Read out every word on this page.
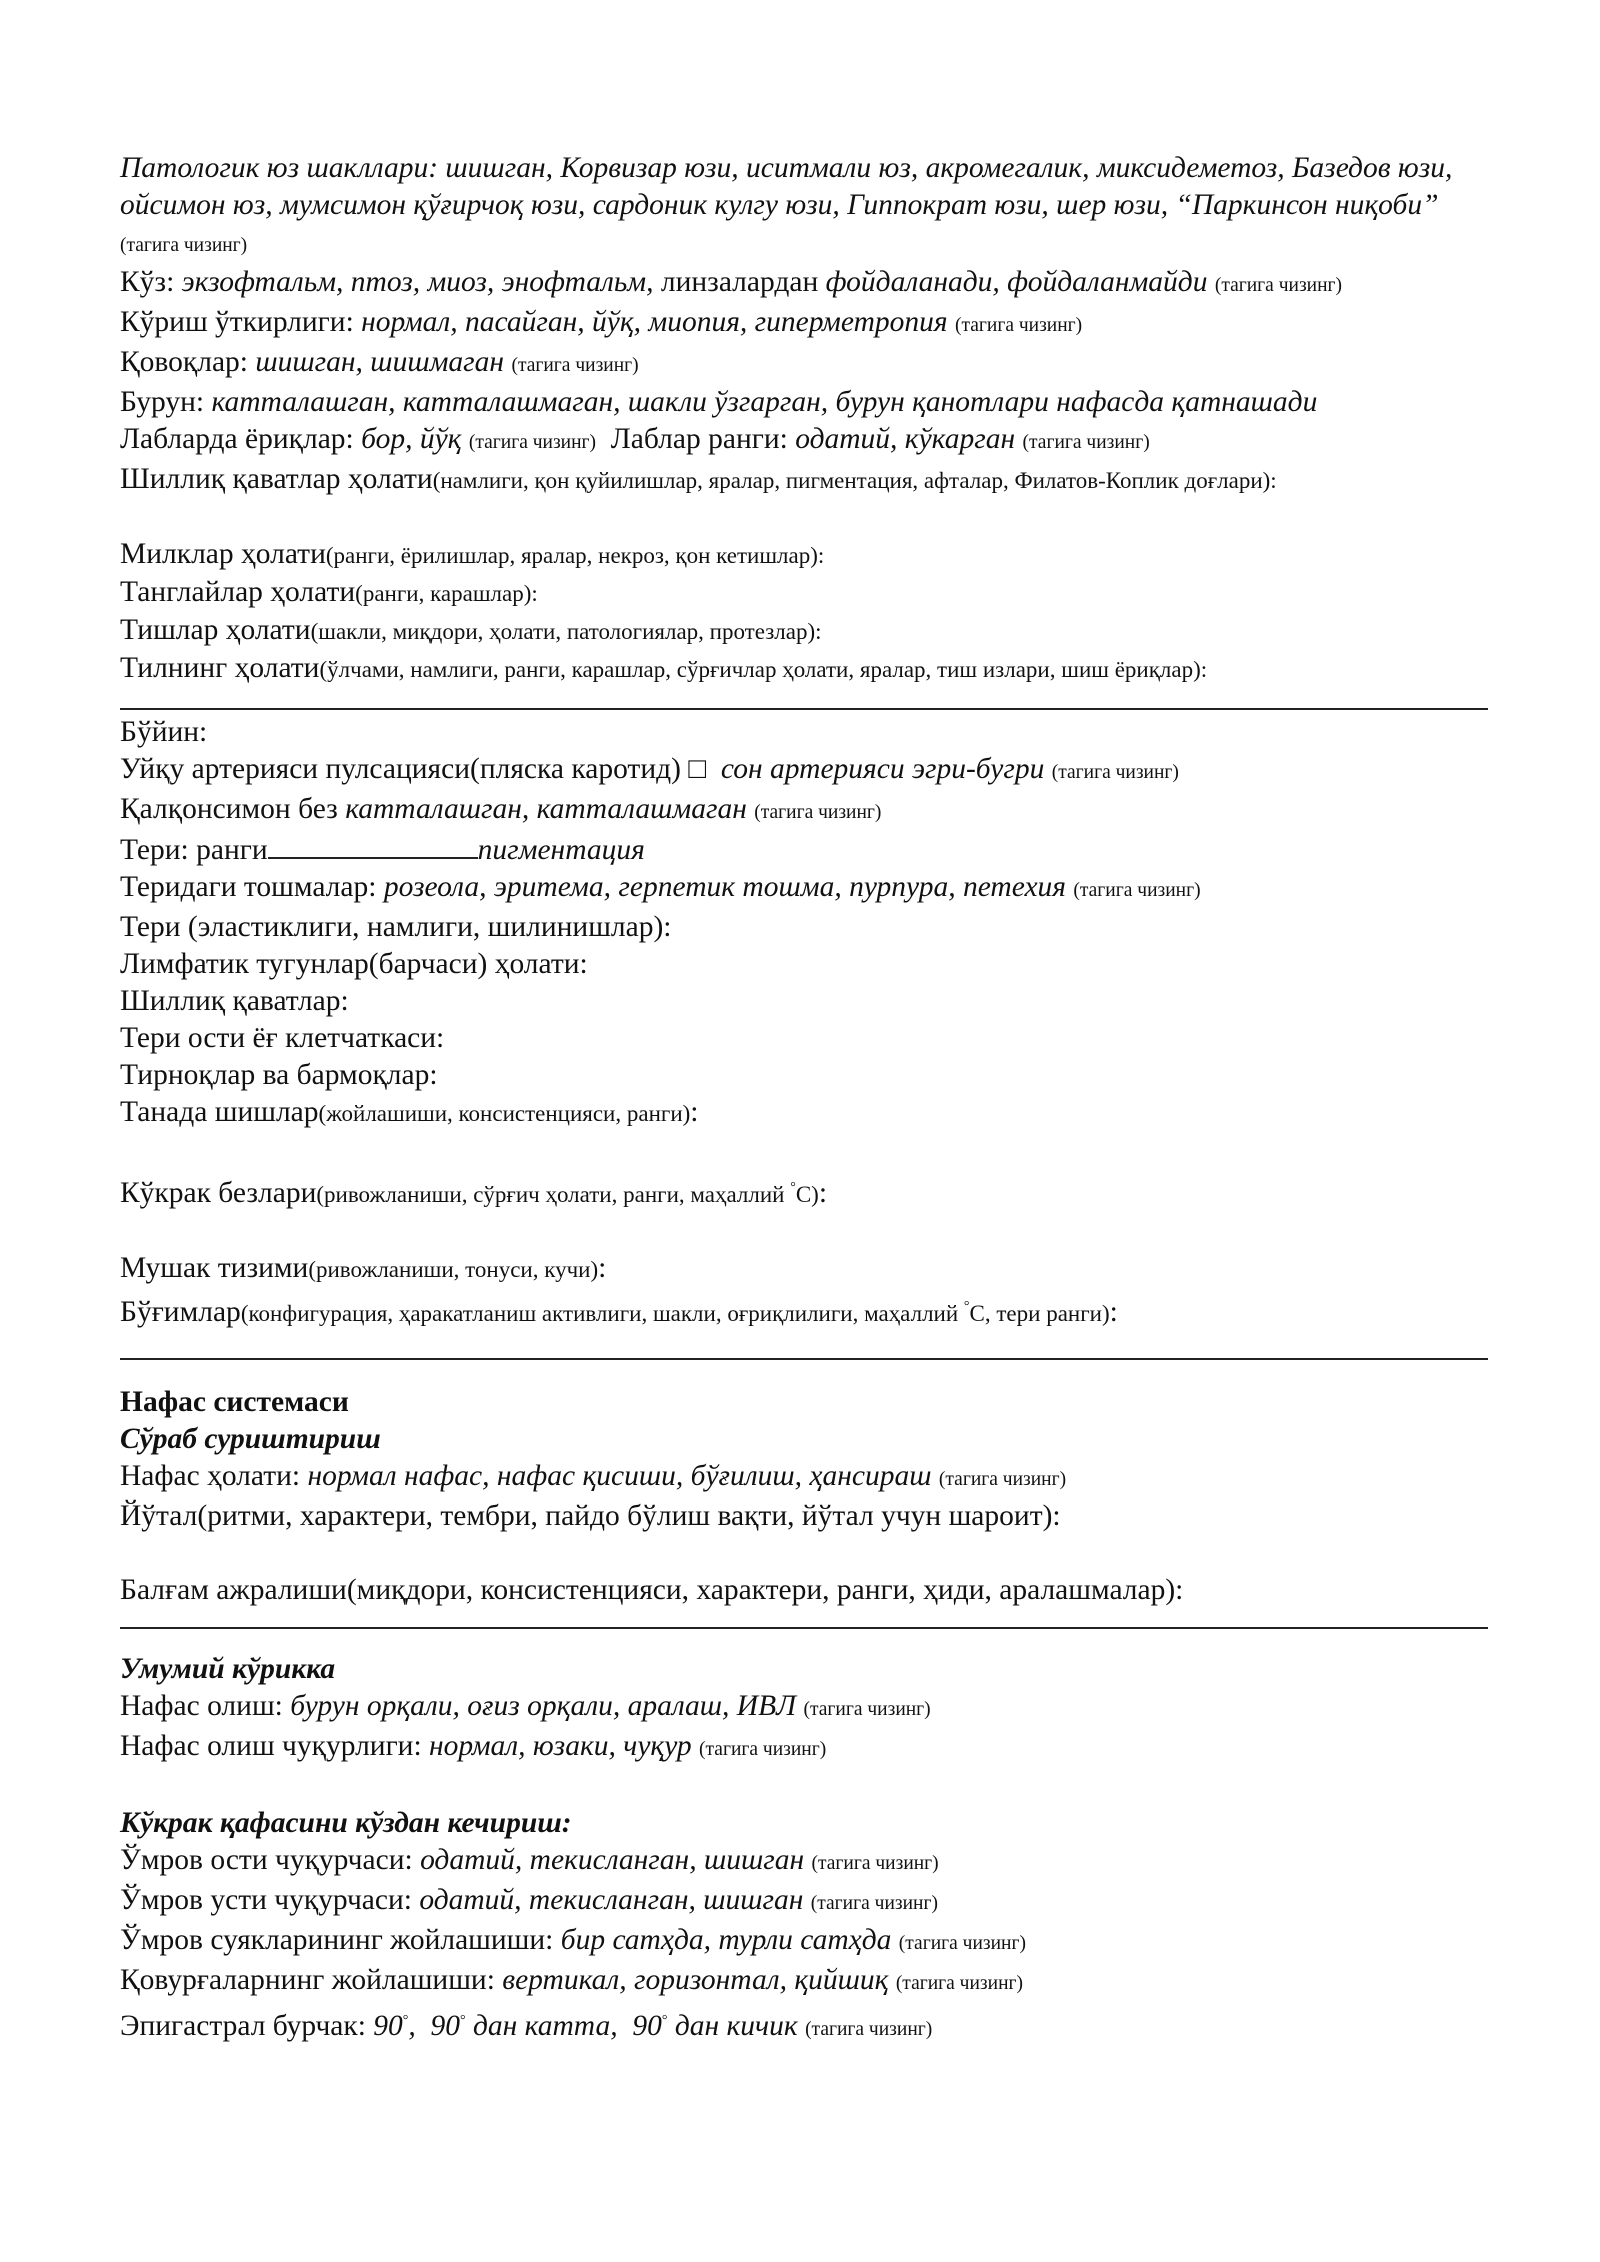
Патологик юз шакллари: шишган, Корвизар юзи, иситмали юз, акромегалик, миксидеметоз, Базедов юзи, ойсимон юз, мумсимон қўғирчоқ юзи, сардоник кулгу юзи, Гиппократ юзи, шер юзи, “Паркинсон ниқоби” (тагига чизинг)
Кўз: экзофтальм, птоз, миоз, энофтальм, линзалардан фойдаланади, фойдаланмайди (тагига чизинг)
Кўриш ўткирлиги: нормал, пасайган, йўқ, миопия, гиперметропия (тагига чизинг)
Қовоқлар: шишган, шишмаган (тагига чизинг)
Бурун: катталашган, катталашмаган, шакли ўзгарган, бурун қанотлари нафасда қатнашади
Лабларда ёриқлар: бор, йўқ (тагига чизинг) Лаблар ранги: одатий, кўкарган (тагига чизинг)
Шиллиқ қаватлар ҳолати(намлиги, қон қуйилишлар, яралар, пигментация, афталар, Филатов-Коплик доғлари):
Милклар ҳолати(ранги, ёрилишлар, яралар, некроз, қон кетишлар):
Танглайлар ҳолати(ранги, карашлар):
Тишлар ҳолати(шакли, миқдори, ҳолати, патологиялар, протезлар):
Тилнинг ҳолати(ўлчами, намлиги, ранги, карашлар, сўрғичлар ҳолати, яралар, тиш излари, шиш ёриқлар):
Бўйин:
Уйқу артерияси пулсацияси(пляска каротид) □ сон артерияси эгри-бугри (тагига чизинг)
Қалқонсимон без катталашган, катталашмаган (тагига чизинг)
Тери: ранги	пигментация
Теридаги тошмалар: розеола, эритема, герпетик тошма, пурпура, петехия (тагига чизинг)
Тери (эластиклиги, намлиги, шилинишлар):
Лимфатик тугунлар(барчаси) ҳолати:
Шиллиқ қаватлар:
Тери ости ёғ клетчаткаси:
Тирноқлар ва бармоқлар:
Танада шишлар(жойлашиши, консистенцияси, ранги):
Кўкрак безлари(ривожланиши, сўрғич ҳолати, ранги, маҳаллий °C):
Мушак тизими(ривожланиши, тонуси, кучи):
Бўғимлар(конфигурация, ҳаракатланиш активлиги, шакли, оғриқлилиги, маҳаллий °C, тери ранги):
Нафас системаси
Сўраб суриштириш
Нафас ҳолати: нормал нафас, нафас қисиши, бўғилиш, ҳансираш (тагига чизинг)
Йўтал(ритми, характери, тембри, пайдо бўлиш вақти, йўтал учун шароит):
Балғам ажралиши(миқдори, консистенцияси, характери, ранги, ҳиди, аралашмалар):
Умумий кўрикка
Нафас олиш: бурун орқали, оғиз орқали, аралаш, ИВЛ (тагига чизинг)
Нафас олиш чуқурлиги: нормал, юзаки, чуқур (тагига чизинг)
Кўкрак қафасини кўздан кечириш:
Ўмров ости чуқурчаси: одатий, текисланган, шишган (тагига чизинг)
Ўмров усти чуқурчаси: одатий, текисланган, шишган (тагига чизинг)
Ўмров суякларининг жойлашиши: бир сатҳда, турли сатҳда (тагига чизинг)
Қовурғаларнинг жойлашиши: вертикал, горизонтал, қийшиқ (тагига чизинг)
Эпигастрал бурчак: 90°,  90° дан катта,  90° дан кичик (тагига чизинг)
